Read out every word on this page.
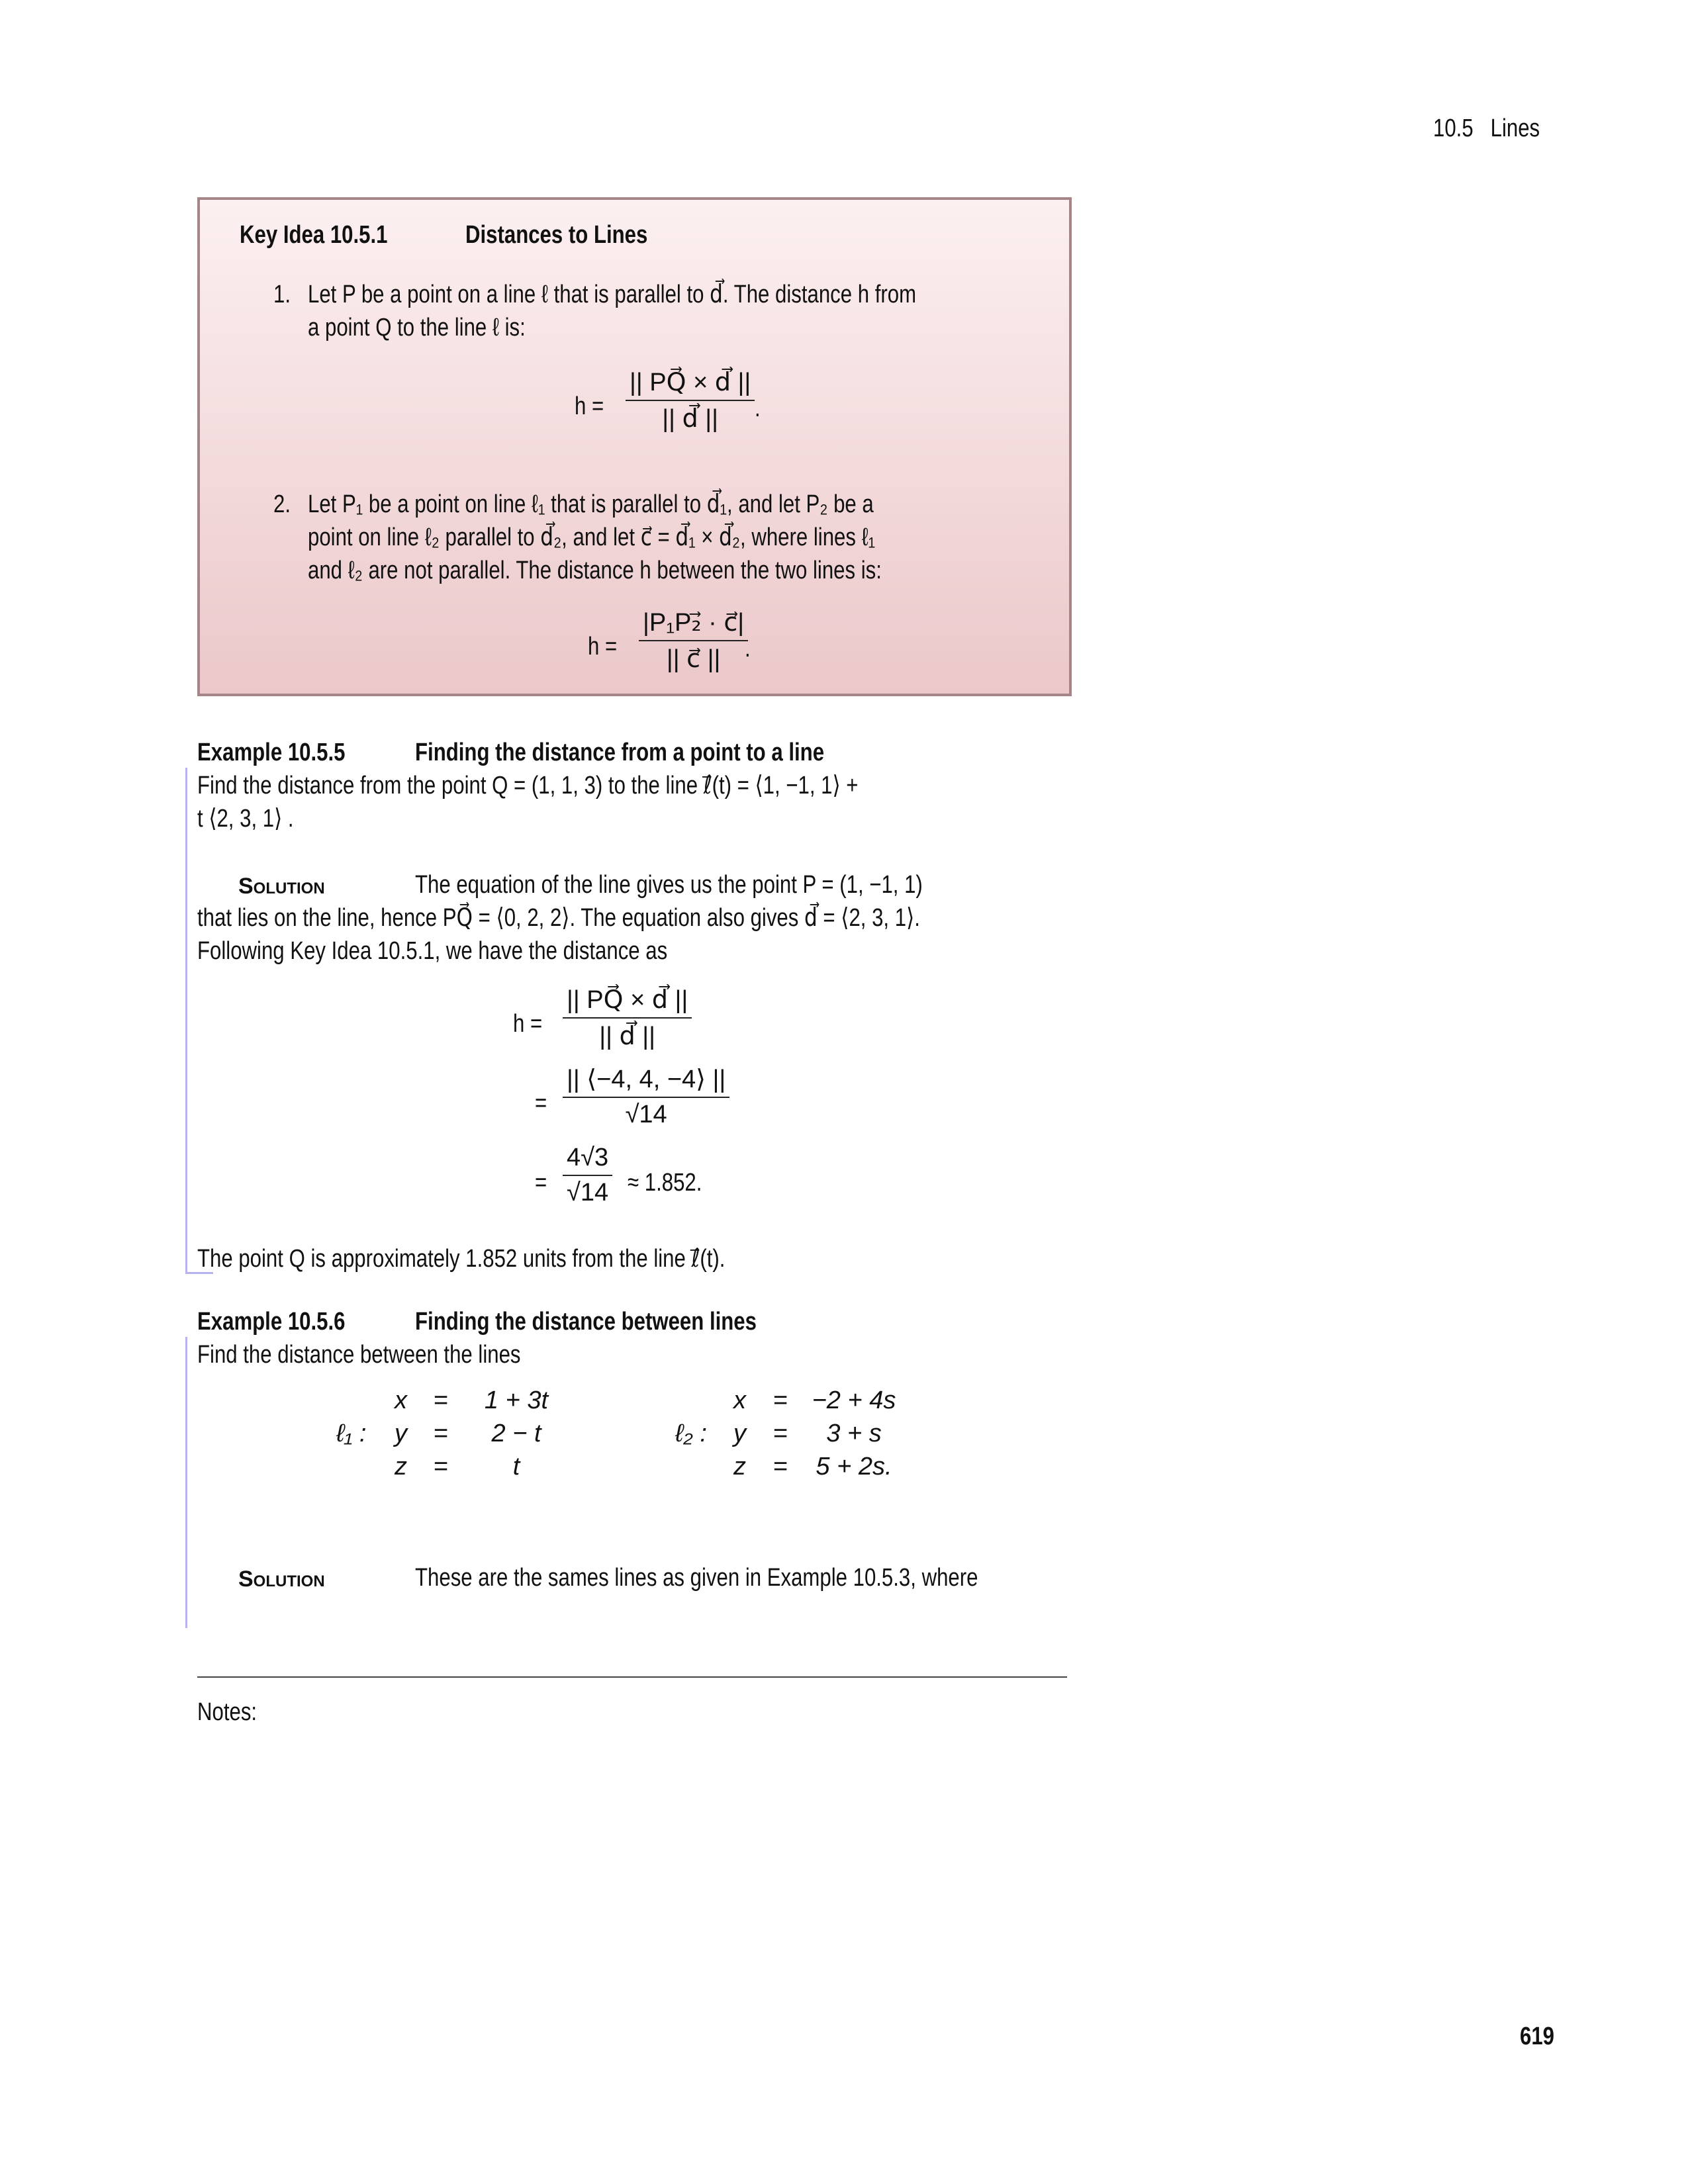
10.5 Lines
Key Idea 10.5.1	Distances to Lines
1. Let P be a point on a line ℓ that is parallel to d⃗. The distance h from
a point Q to the line ℓ is:
$h = \frac{|| PQ⃗ \times d⃗ ||}{|| d⃗ ||}$ .
2. Let P₁ be a point on line ℓ₁ that is parallel to d⃗₁, and let P₂ be a
point on line ℓ₂ parallel to d⃗₂, and let c⃗ = d⃗₁ × d⃗₂, where lines ℓ₁
and ℓ₂ are not parallel. The distance h between the two lines is:
$h = \frac{\text{|P₁P₂⃗ · c⃗|}}{|| c⃗ ||}$
.
Example 10.5.5	Finding the distance from a point to a line
Find the distance from the point Q = (1, 1, 3) to the line ℓ⃗(t) = ⟨1, −1, 1⟩ +
t ⟨2, 3, 1⟩ .
Solution	The equation of the line gives us the point P = (1, −1, 1)
that lies on the line, hence PQ⃗ = ⟨0, 2, 2⟩. The equation also gives d⃗ = ⟨2, 3, 1⟩.
Following Key Idea 10.5.1, we have the distance as
$h = \frac{|| PQ⃗ \times d⃗ ||}{|| d⃗ ||}$
= $\frac{|| ⟨-4, 4, -4⟩ ||}{√14}$
= $\frac{4√3}{√14} \approx 1.852$.
The point Q is approximately 1.852 units from the line ℓ⃗(t).
Example 10.5.6	Finding the distance between lines
Find the distance between the lines
ℓ₁ :
x =	1 + 3t
y =	2 − t
z =	t
ℓ₂ :
x = −2 + 4s
y =	3 + s
z =	5 + 2s.
Solution	These are the sames lines as given in Example 10.5.3, where
Notes:
619
